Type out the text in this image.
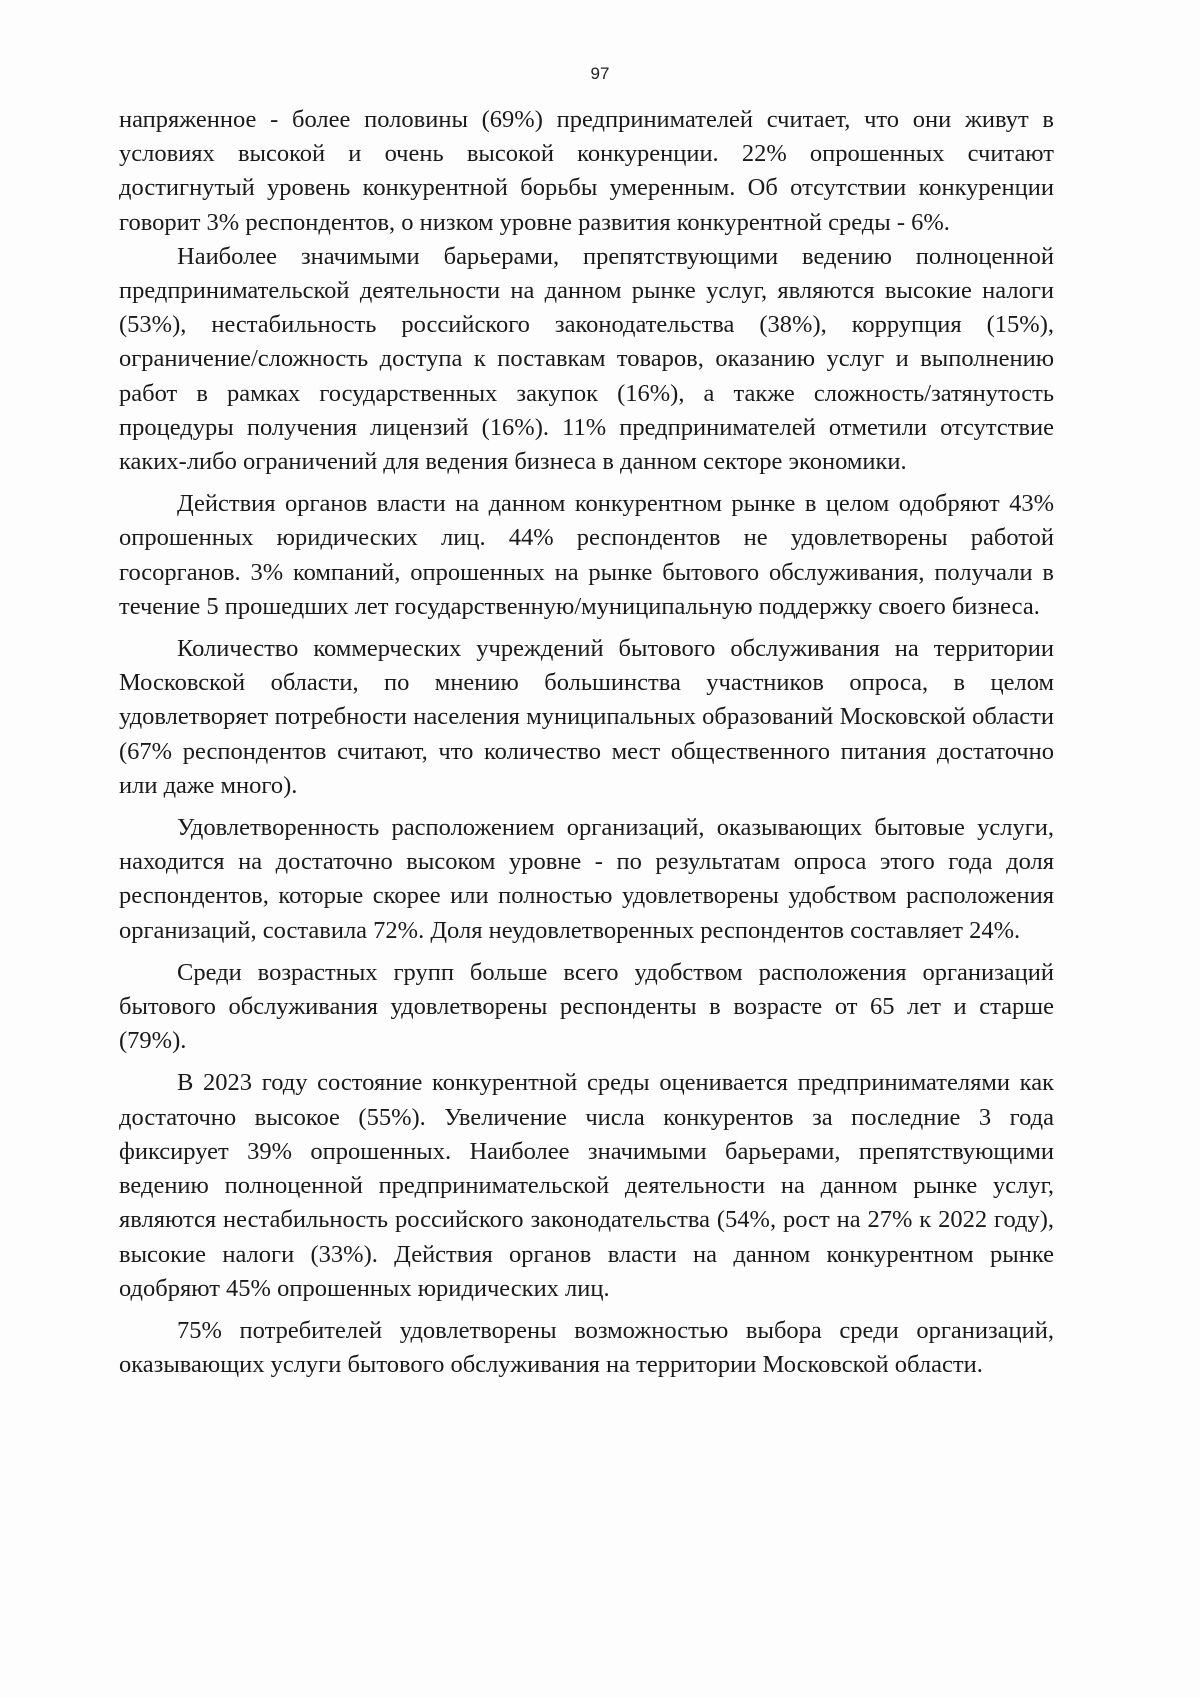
97

напряженное - более половины (69%) предпринимателей считает, что они живут в условиях высокой и очень высокой конкуренции. 22% опрошенных считают достигнутый уровень конкурентной борьбы умеренным. Об отсутствии конкуренции говорит 3% респондентов, о низком уровне развития конкурентной среды - 6%.

Наиболее значимыми барьерами, препятствующими ведению полноценной предпринимательской деятельности на данном рынке услуг, являются высокие налоги (53%), нестабильность российского законодательства (38%), коррупция (15%), ограничение/сложность доступа к поставкам товаров, оказанию услуг и выполнению работ в рамках государственных закупок (16%), а также сложность/затянутость процедуры получения лицензий (16%). 11% предпринимателей отметили отсутствие каких-либо ограничений для ведения бизнеса в данном секторе экономики.

Действия органов власти на данном конкурентном рынке в целом одобряют 43% опрошенных юридических лиц. 44% респондентов не удовлетворены работой госорганов. 3% компаний, опрошенных на рынке бытового обслуживания, получали в течение 5 прошедших лет государственную/муниципальную поддержку своего бизнеса.

Количество коммерческих учреждений бытового обслуживания на территории Московской области, по мнению большинства участников опроса, в целом удовлетворяет потребности населения муниципальных образований Московской области (67% респондентов считают, что количество мест общественного питания достаточно или даже много).

Удовлетворенность расположением организаций, оказывающих бытовые услуги, находится на достаточно высоком уровне - по результатам опроса этого года доля респондентов, которые скорее или полностью удовлетворены удобством расположения организаций, составила 72%. Доля неудовлетворенных респондентов составляет 24%.

Среди возрастных групп больше всего удобством расположения организаций бытового обслуживания удовлетворены респонденты в возрасте от 65 лет и старше (79%).

В 2023 году состояние конкурентной среды оценивается предпринимателями как достаточно высокое (55%). Увеличение числа конкурентов за последние 3 года фиксирует 39% опрошенных. Наиболее значимыми барьерами, препятствующими ведению полноценной предпринимательской деятельности на данном рынке услуг, являются нестабильность российского законодательства (54%, рост на 27% к 2022 году), высокие налоги (33%). Действия органов власти на данном конкурентном рынке одобряют 45% опрошенных юридических лиц.

75% потребителей удовлетворены возможностью выбора среди организаций, оказывающих услуги бытового обслуживания на территории Московской области.
